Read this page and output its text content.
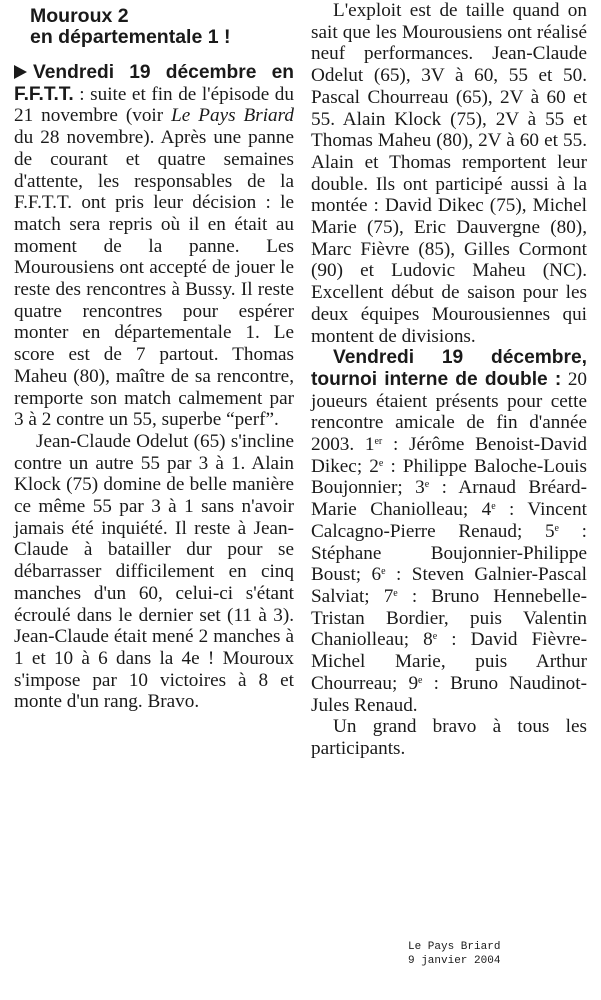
Mouroux 2
en départementale 1 !

Vendredi 19 décembre en F.F.T.T. : suite et fin de l'épisode du 21 novembre (voir Le Pays Briard du 28 novembre). Après une panne de courant et quatre semaines d'attente, les responsables de la F.F.T.T. ont pris leur décision : le match sera repris où il en était au moment de la panne. Les Mourousiens ont accepté de jouer le reste des rencontres à Bussy. Il reste quatre rencontres pour espérer monter en départementale 1. Le score est de 7 partout. Thomas Maheu (80), maître de sa rencontre, remporte son match calmement par 3 à 2 contre un 55, superbe “perf”.

Jean-Claude Odelut (65) s'incline contre un autre 55 par 3 à 1. Alain Klock (75) domine de belle manière ce même 55 par 3 à 1 sans n'avoir jamais été inquiété. Il reste à Jean-Claude à batailler dur pour se débarrasser difficilement en cinq manches d'un 60, celui-ci s'étant écroulé dans le dernier set (11 à 3). Jean-Claude était mené 2 manches à 1 et 10 à 6 dans la 4e ! Mouroux s'impose par 10 victoires à 8 et monte d'un rang. Bravo.

L'exploit est de taille quand on sait que les Mourousiens ont réalisé neuf performances. Jean-Claude Odelut (65), 3V à 60, 55 et 50. Pascal Chourreau (65), 2V à 60 et 55. Alain Klock (75), 2V à 55 et Thomas Maheu (80), 2V à 60 et 55. Alain et Thomas remportent leur double. Ils ont participé aussi à la montée : David Dikec (75), Michel Marie (75), Eric Dauvergne (80), Marc Fièvre (85), Gilles Cormont (90) et Ludovic Maheu (NC). Excellent début de saison pour les deux équipes Mourousiennes qui montent de divisions.

Vendredi 19 décembre, tournoi interne de double : 20 joueurs étaient présents pour cette rencontre amicale de fin d'année 2003. 1er : Jérôme Benoist-David Dikec; 2e : Philippe Baloche-Louis Boujonnier; 3e : Arnaud Bréard-Marie Chaniolleau; 4e : Vincent Calcagno-Pierre Renaud; 5e : Stéphane Boujonnier-Philippe Boust; 6e : Steven Galnier-Pascal Salviat; 7e : Bruno Hennebelle-Tristan Bordier, puis Valentin Chaniolleau; 8e : David Fièvre-Michel Marie, puis Arthur Chourreau; 9e : Bruno Naudinot-Jules Renaud.

Un grand bravo à tous les participants.

Le Pays Briard
9 janvier 2004
